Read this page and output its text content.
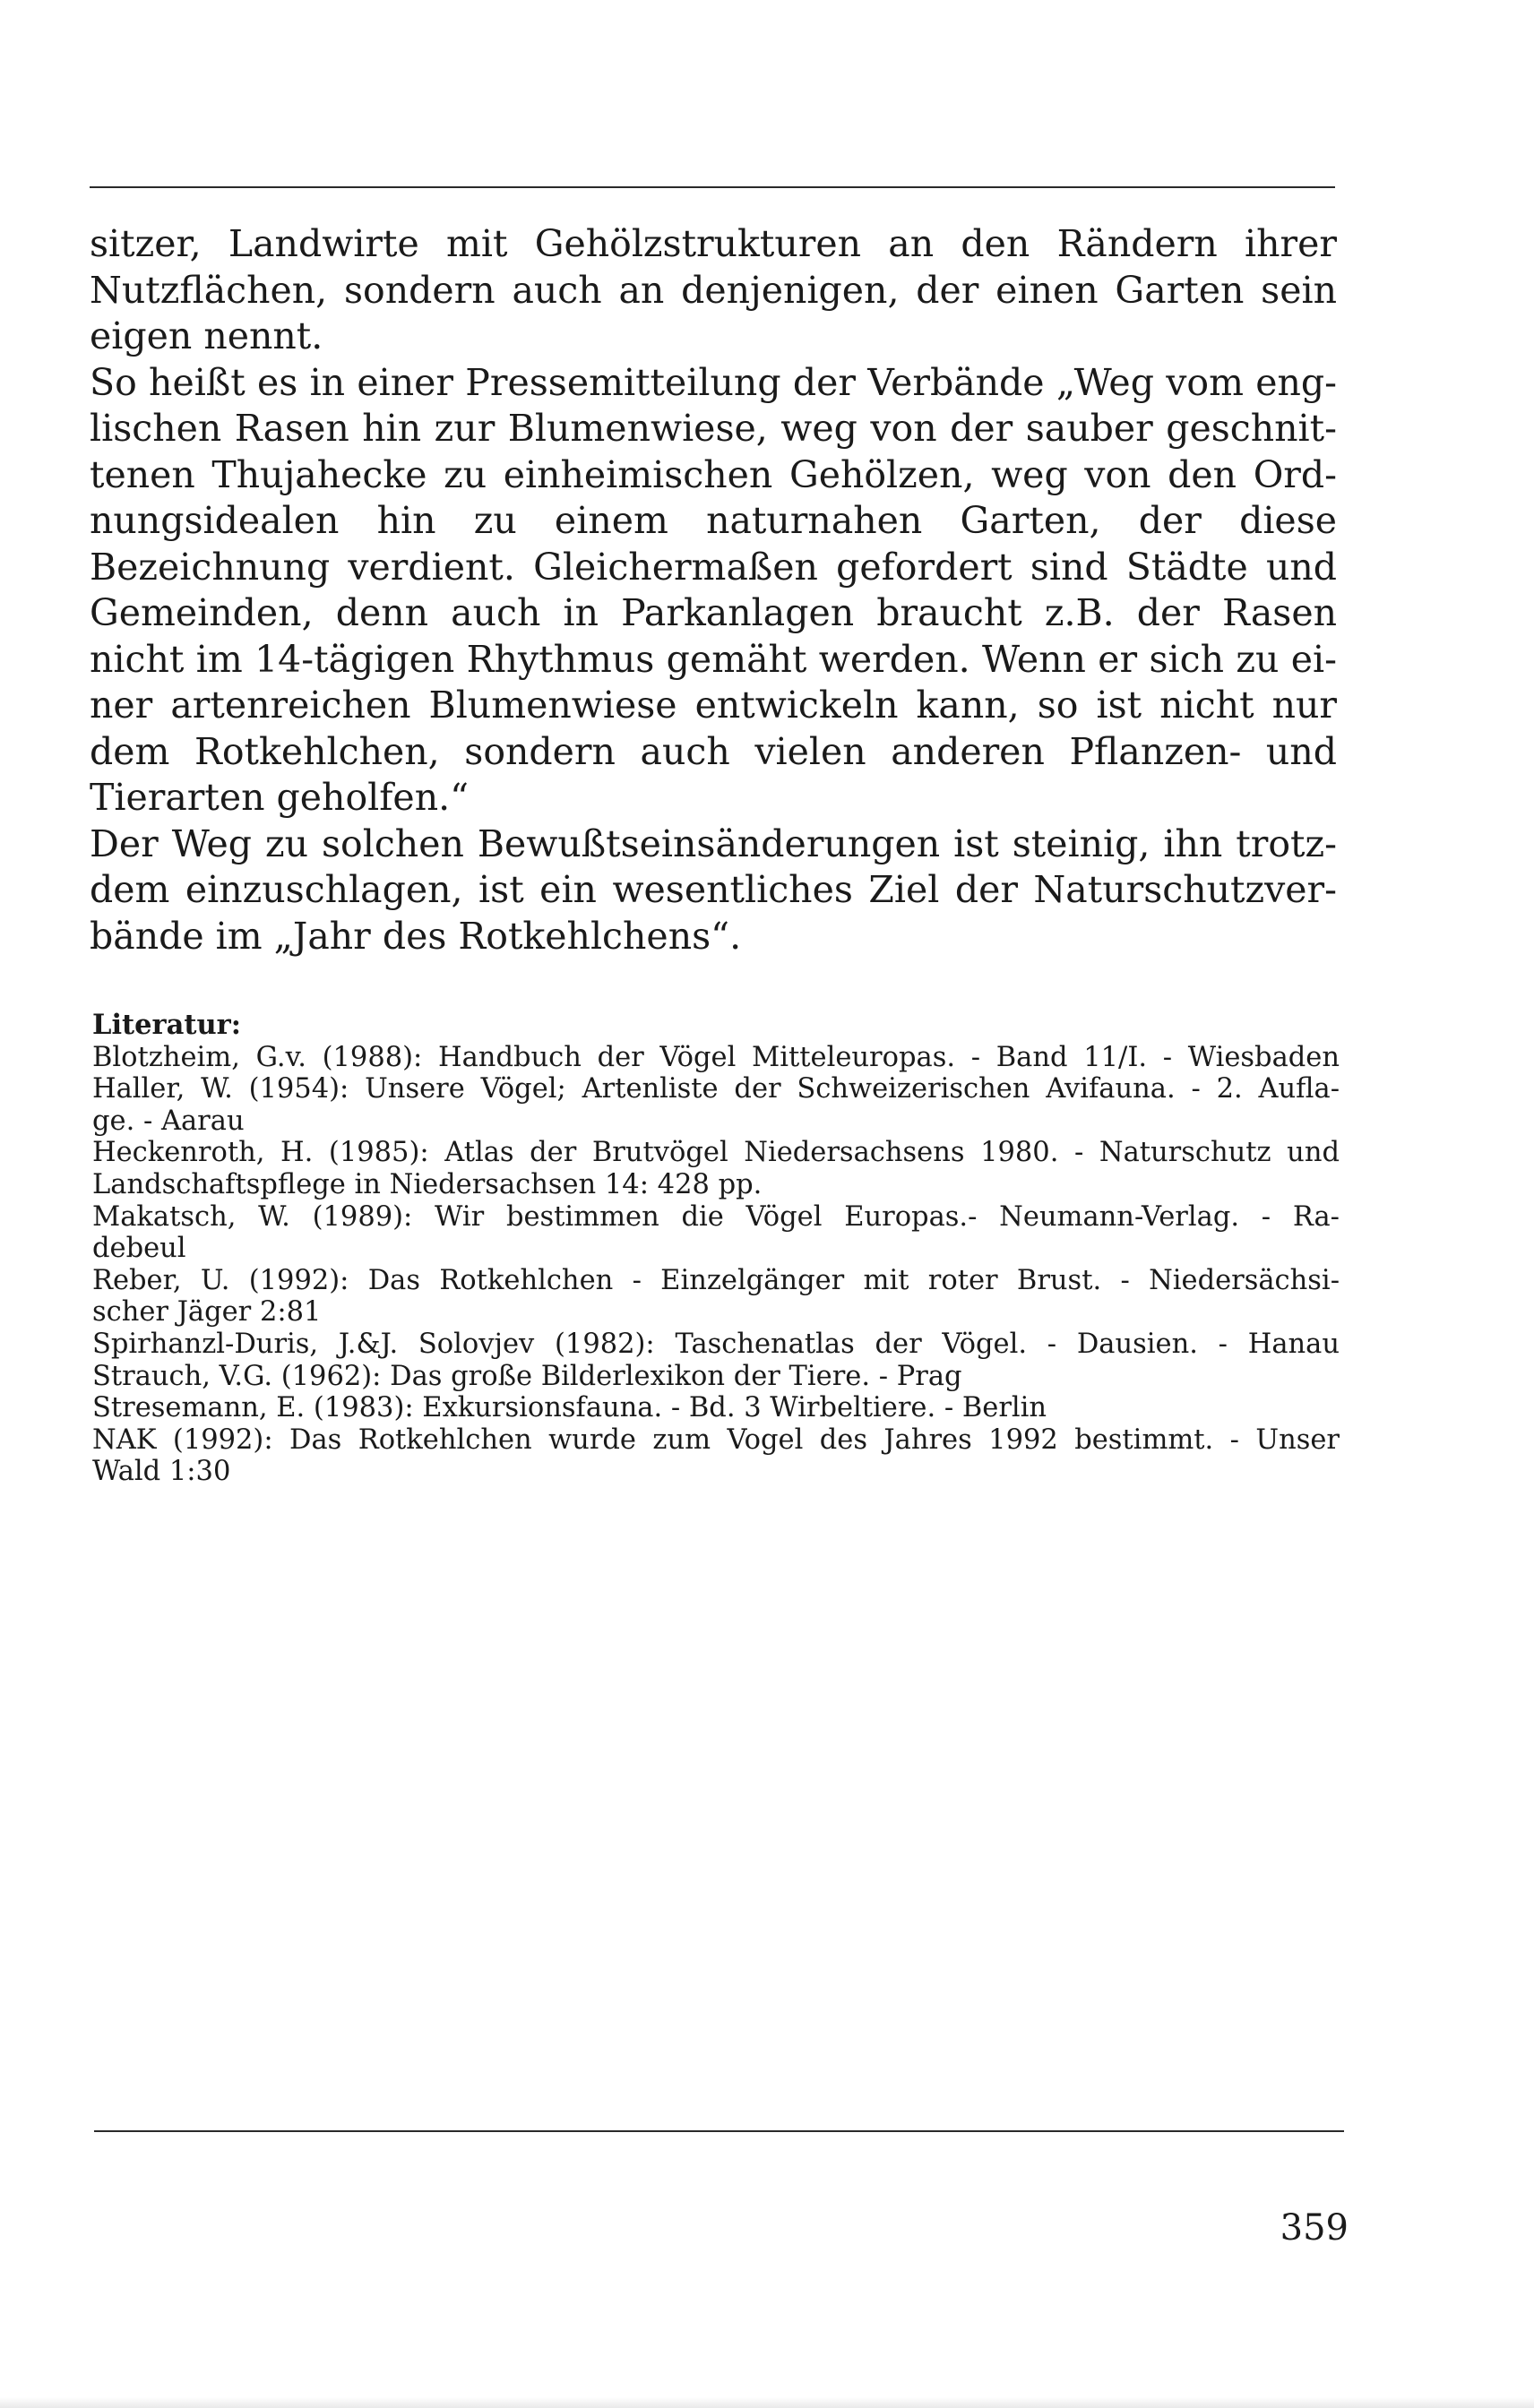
sitzer, Landwirte mit Gehölzstrukturen an den Rändern ihrer
Nutzflächen, sondern auch an denjenigen, der einen Garten sein
eigen nennt.
So heißt es in einer Pressemitteilung der Verbände „Weg vom eng-
lischen Rasen hin zur Blumenwiese, weg von der sauber geschnit-
tenen Thujahecke zu einheimischen Gehölzen, weg von den Ord-
nungsidealen hin zu einem naturnahen Garten, der diese
Bezeichnung verdient. Gleichermaßen gefordert sind Städte und
Gemeinden, denn auch in Parkanlagen braucht z.B. der Rasen
nicht im 14-tägigen Rhythmus gemäht werden. Wenn er sich zu ei-
ner artenreichen Blumenwiese entwickeln kann, so ist nicht nur
dem Rotkehlchen, sondern auch vielen anderen Pflanzen- und
Tierarten geholfen.“
Der Weg zu solchen Bewußtseinsänderungen ist steinig, ihn trotz-
dem einzuschlagen, ist ein wesentliches Ziel der Naturschutzver-
bände im „Jahr des Rotkehlchens“.
Literatur:
Blotzheim, G.v. (1988): Handbuch der Vögel Mitteleuropas. - Band 11/I. - Wiesbaden
Haller, W. (1954): Unsere Vögel; Artenliste der Schweizerischen Avifauna. - 2. Aufla-
ge. - Aarau
Heckenroth, H. (1985): Atlas der Brutvögel Niedersachsens 1980. - Naturschutz und
Landschaftspflege in Niedersachsen 14: 428 pp.
Makatsch, W. (1989): Wir bestimmen die Vögel Europas.- Neumann-Verlag. - Ra-
debeul
Reber, U. (1992): Das Rotkehlchen - Einzelgänger mit roter Brust. - Niedersächsi-
scher Jäger 2:81
Spirhanzl-Duris, J.&J. Solovjev (1982): Taschenatlas der Vögel. - Dausien. - Hanau
Strauch, V.G. (1962): Das große Bilderlexikon der Tiere. - Prag
Stresemann, E. (1983): Exkursionsfauna. - Bd. 3 Wirbeltiere. - Berlin
NAK (1992): Das Rotkehlchen wurde zum Vogel des Jahres 1992 bestimmt. - Unser
Wald 1:30
359
